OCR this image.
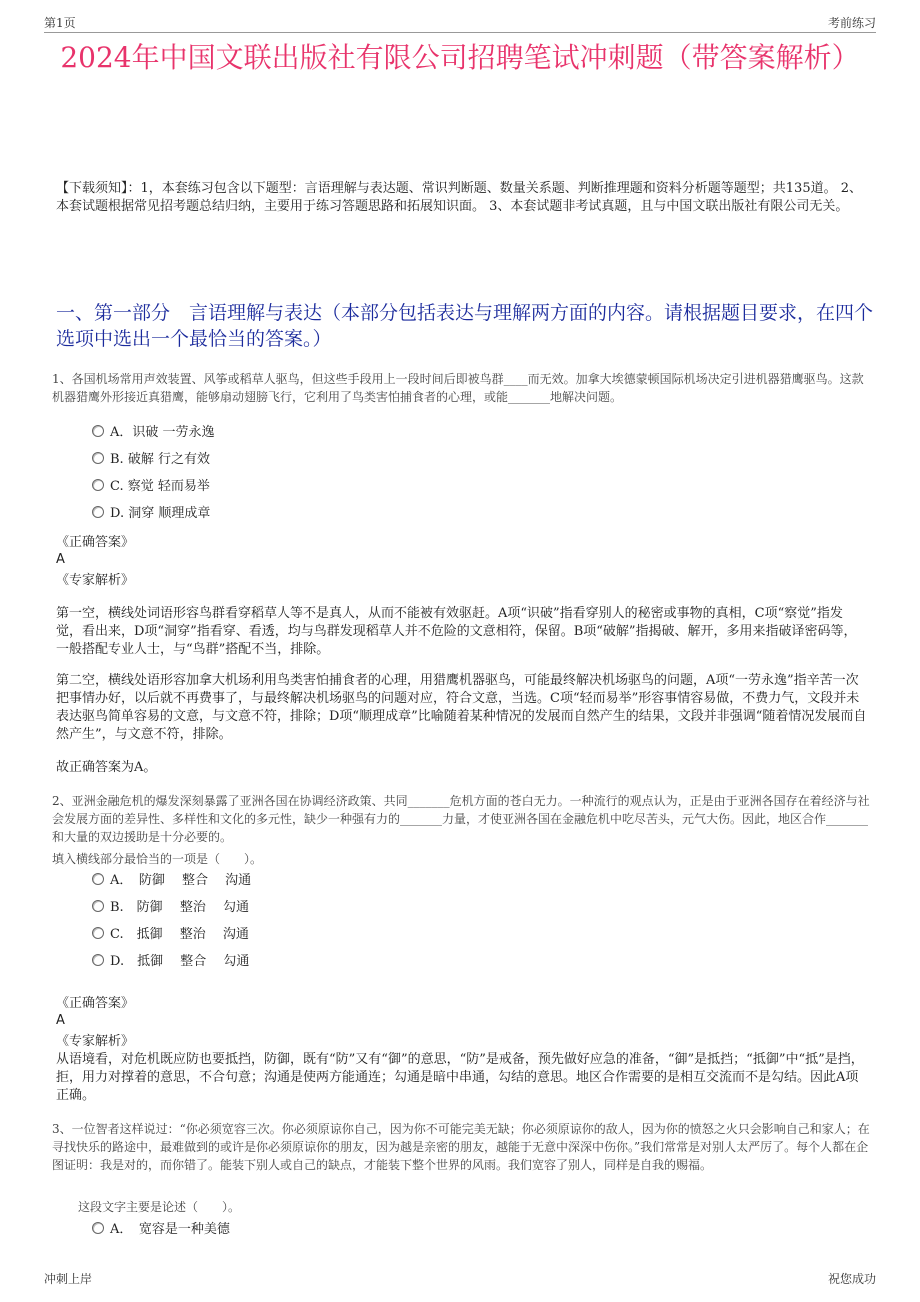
第1页	考前练习
2024年中国文联出版社有限公司招聘笔试冲刺题（带答案解析）
【下载须知】：1，本套练习包含以下题型：言语理解与表达题、常识判断题、数量关系题、判断推理题和资料分析题等题型；共135道。 2、本套试题根据常见招考题总结归纳，主要用于练习答题思路和拓展知识面。 3、本套试题非考试真题，且与中国文联出版社有限公司无关。
一、第一部分　言语理解与表达（本部分包括表达与理解两方面的内容。请根据题目要求，在四个选项中选出一个最恰当的答案。）
1、各国机场常用声效装置、风筝或稻草人驱鸟，但这些手段用上一段时间后即被鸟群____而无效。加拿大埃德蒙顿国际机场决定引进机器猎鹰驱鸟。这款机器猎鹰外形接近真猎鹰，能够扇动翅膀飞行，它利用了鸟类害怕捕食者的心理，或能_______地解决问题。
A．识破 一劳永逸
B. 破解 行之有效
C. 察觉 轻而易举
D. 洞穿 顺理成章
《正确答案》
A
《专家解析》
第一空，横线处词语形容鸟群看穿稻草人等不是真人，从而不能被有效驱赶。A项“识破”指看穿别人的秘密或事物的真相，C项“察觉”指发觉，看出来，D项“洞穿”指看穿、看透，均与鸟群发现稻草人并不危险的文意相符，保留。B项“破解”指揭破、解开，多用来指破译密码等，一般搭配专业人士，与“鸟群”搭配不当，排除。
第二空，横线处语形容加拿大机场利用鸟类害怕捕食者的心理，用猎鹰机器驱鸟，可能最终解决机场驱鸟的问题，A项“一劳永逸”指辛苦一次把事情办好，以后就不再费事了，与最终解决机场驱鸟的问题对应，符合文意，当选。C项“轻而易举”形容事情容易做，不费力气，文段并未表达驱鸟简单容易的文意，与文意不符，排除；D项“顺理成章”比喻随着某种情况的发展而自然产生的结果，文段并非强调“随着情况发展而自然产生”，与文意不符，排除。
故正确答案为A。
2、亚洲金融危机的爆发深刻暴露了亚洲各国在协调经济政策、共同_______危机方面的苍白无力。一种流行的观点认为，正是由于亚洲各国存在着经济与社会发展方面的差异性、多样性和文化的多元性，缺少一种强有力的_______力量，才使亚洲各国在金融危机中吃尽苦头，元气大伤。因此，地区合作_______和大量的双边援助是十分必要的。
填入横线部分最恰当的一项是（　　）。
A．　防御　 整合　 沟通
B.　防御　 整治　 勾通
C.　抵御　 整治　 沟通
D.　抵御　 整合　 勾通
《正确答案》
A
《专家解析》
从语境看，对危机既应防也要抵挡，防御，既有“防”又有“御”的意思，“防”是戒备，预先做好应急的准备，“御”是抵挡；“抵御”中“抵”是挡，拒，用力对撑着的意思，不合句意；沟通是使两方能通连；勾通是暗中串通，勾结的意思。地区合作需要的是相互交流而不是勾结。因此A项正确。
3、一位智者这样说过：“你必须宽容三次。你必须原谅你自己，因为你不可能完美无缺；你必须原谅你的敌人，因为你的愤怒之火只会影响自己和家人；在寻找快乐的路途中，最难做到的或许是你必须原谅你的朋友，因为越是亲密的朋友，越能于无意中深深中伤你。”我们常常是对别人太严厉了。每个人都在企图证明：我是对的，而你错了。能装下别人或自己的缺点，才能装下整个世界的风雨。我们宽容了别人，同样是自我的赐福。
这段文字主要是论述（　　）。
A．　宽容是一种美德
冲刺上岸	祝您成功
